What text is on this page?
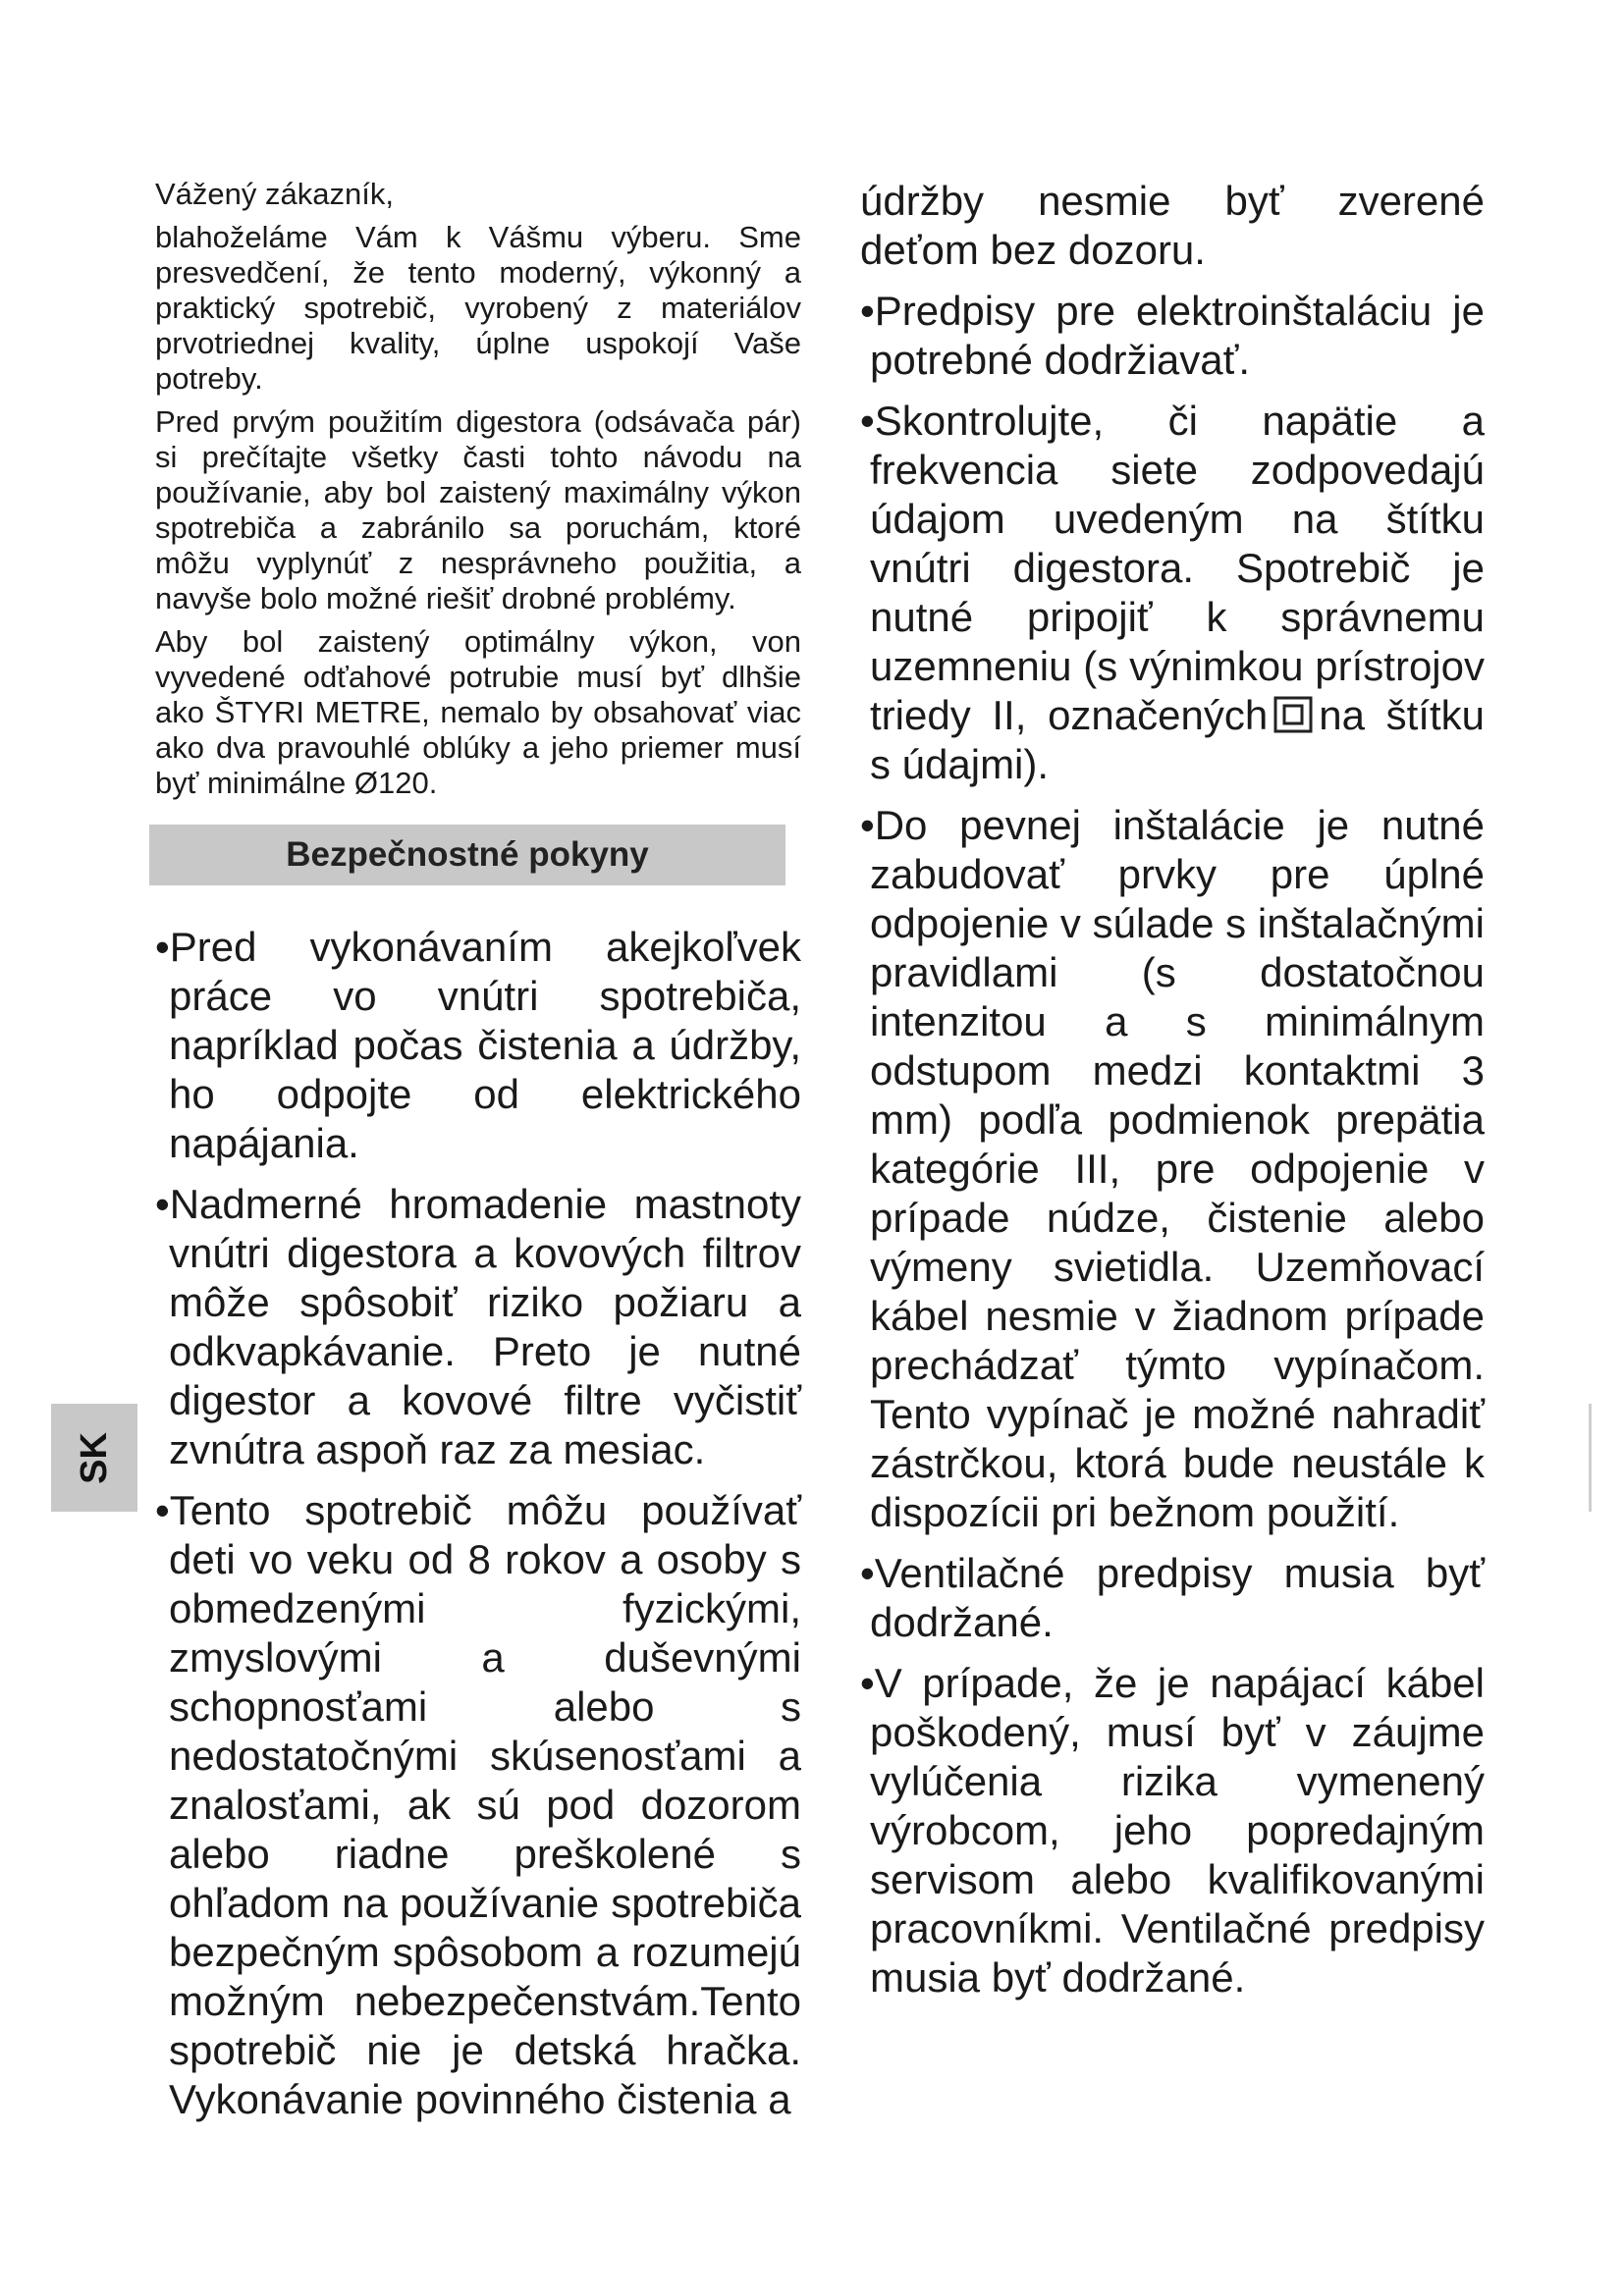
SK

Vážený zákazník,

blahoželáme Vám k Vášmu výberu. Sme presvedčení, že tento moderný, výkonný a praktický spotrebič, vyrobený z materiálov prvotriednej kvality, úplne uspokojí Vaše potreby.

Pred prvým použitím digestora (odsávača pár) si prečítajte všetky časti tohto návodu na používanie, aby bol zaistený maximálny výkon spotrebiča a zabránilo sa poruchám, ktoré môžu vyplynúť z nesprávneho použitia, a navyše bolo možné riešiť drobné problémy.

Aby bol zaistený optimálny výkon, von vyvedené odťahové potrubie musí byť dlhšie ako ŠTYRI METRE, nemalo by obsahovať viac ako dva pravouhlé oblúky a jeho priemer musí byť minimálne Ø120.

Bezpečnostné pokyny

•Pred vykonávaním akejkoľvek práce vo vnútri spotrebiča, napríklad počas čistenia a údržby, ho odpojte od elektrického napájania.

•Nadmerné hromadenie mastnoty vnútri digestora a kovových filtrov môže spôsobiť riziko požiaru a odkvapkávanie. Preto je nutné digestor a kovové filtre vyčistiť zvnútra aspoň raz za mesiac.

•Tento spotrebič môžu používať deti vo veku od 8 rokov a osoby s obmedzenými fyzickými, zmyslovými a duševnými schopnosťami alebo s nedostatočnými skúsenosťami a znalosťami, ak sú pod dozorom alebo riadne preškolené s ohľadom na používanie spotrebiča bezpečným spôsobom a rozumejú možným nebezpečenstvám.Tento spotrebič nie je detská hračka. Vykonávanie povinného čistenia a

údržby nesmie byť zverené deťom bez dozoru.

•Predpisy pre elektroinštaláciu je potrebné dodržiavať.

•Skontrolujte, či napätie a frekvencia siete zodpovedajú údajom uvedeným na štítku vnútri digestora. Spotrebič je nutné pripojiť k správnemu uzemneniu (s výnimkou prístrojov triedy II, označených na štítku s údajmi).

•Do pevnej inštalácie je nutné zabudovať prvky pre úplné odpojenie v súlade s inštalačnými pravidlami (s dostatočnou intenzitou a s minimálnym odstupom medzi kontaktmi 3 mm) podľa podmienok prepätia kategórie III, pre odpojenie v prípade núdze, čistenie alebo výmeny svietidla. Uzemňovací kábel nesmie v žiadnom prípade prechádzať týmto vypínačom. Tento vypínač je možné nahradiť zástrčkou, ktorá bude neustále k dispozícii pri bežnom použití.

•Ventilačné predpisy musia byť dodržané.

•V prípade, že je napájací kábel poškodený, musí byť v záujme vylúčenia rizika vymenený výrobcom, jeho popredajným servisom alebo kvalifikovanými pracovníkmi. Ventilačné predpisy musia byť dodržané.
